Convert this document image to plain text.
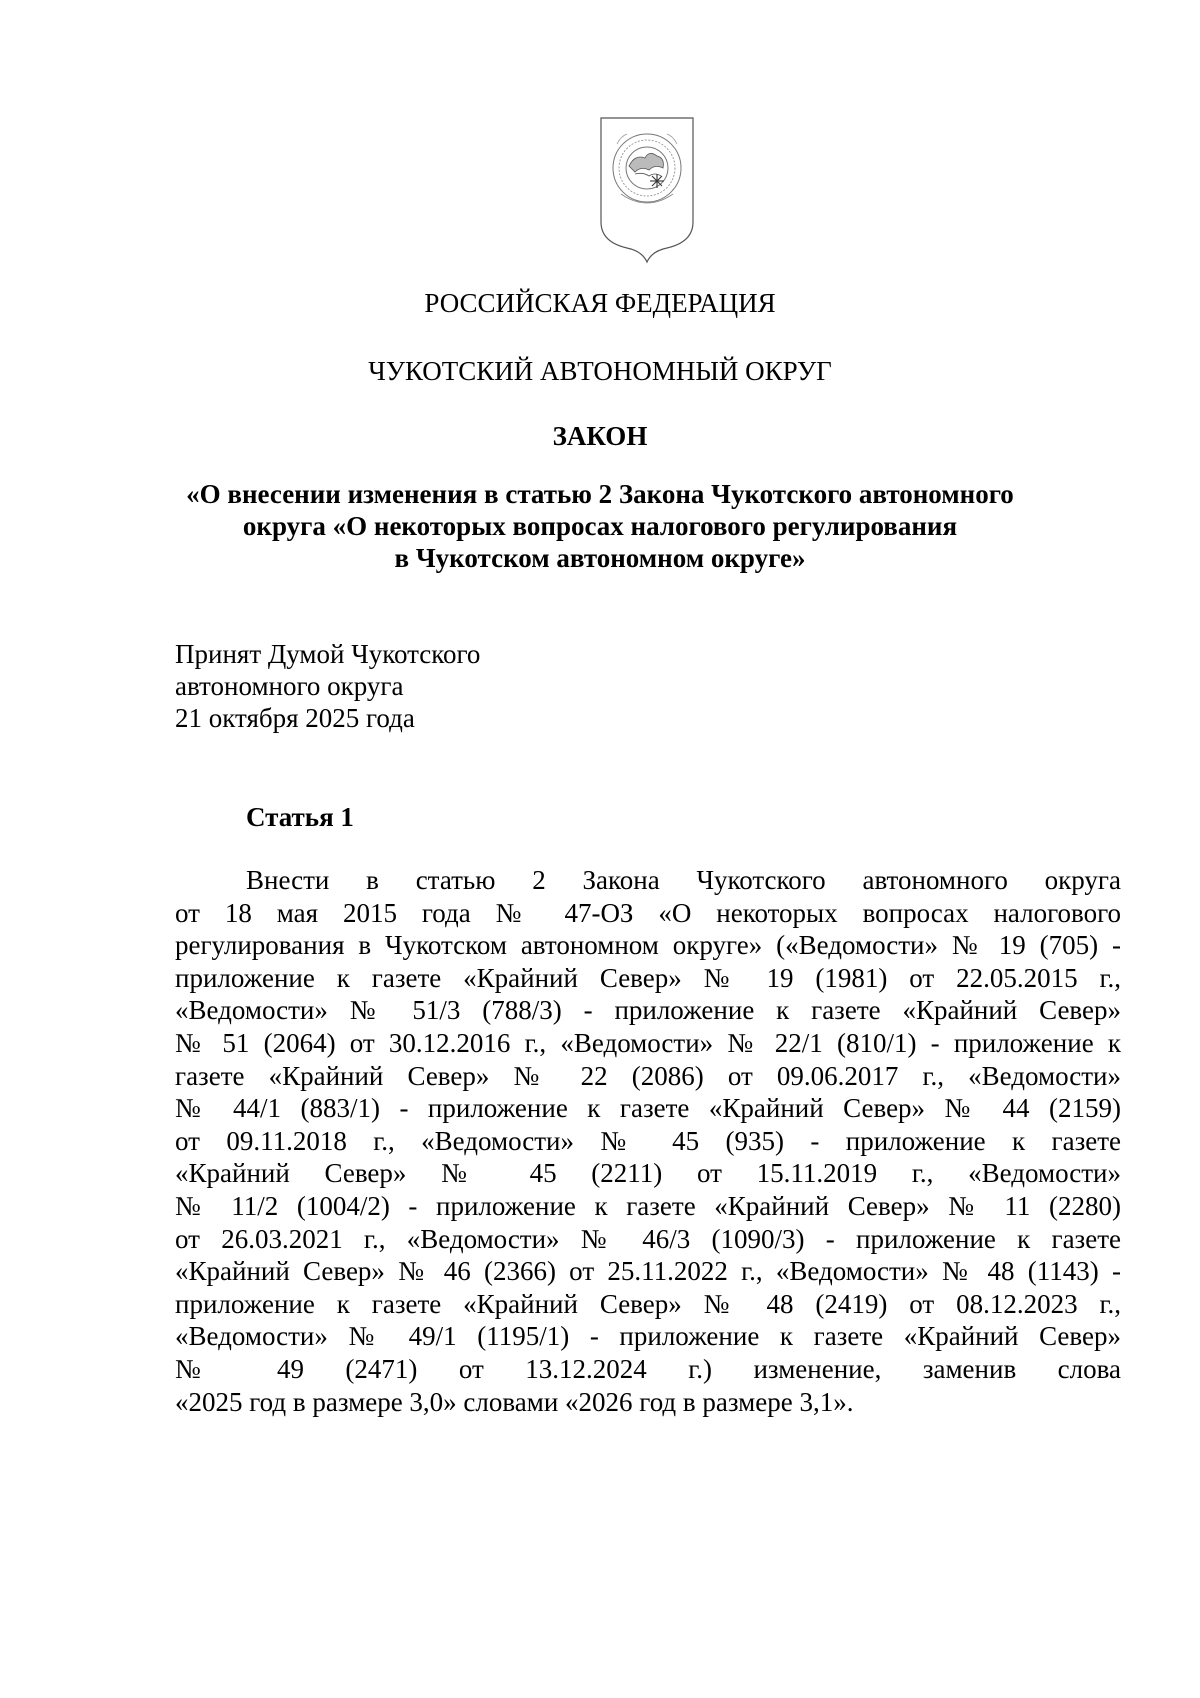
РОССИЙСКАЯ ФЕДЕРАЦИЯ
ЧУКОТСКИЙ АВТОНОМНЫЙ ОКРУГ
ЗАКОН
«О внесении изменения в статью 2 Закона Чукотского автономного
округа «О некоторых вопросах налогового регулирования
в Чукотском автономном округе»
Принят Думой Чукотского
автономного округа
21 октября 2025 года
Статья 1
Внести в статью 2 Закона Чукотского автономного округа
от 18 мая 2015 года № 47-ОЗ «О некоторых вопросах налогового
регулирования в Чукотском автономном округе» («Ведомости» № 19 (705) -
приложение к газете «Крайний Север» № 19 (1981) от 22.05.2015 г.,
«Ведомости» № 51/3 (788/3) - приложение к газете «Крайний Север»
№ 51 (2064) от 30.12.2016 г., «Ведомости» № 22/1 (810/1) - приложение к
газете «Крайний Север» № 22 (2086) от 09.06.2017 г., «Ведомости»
№ 44/1 (883/1) - приложение к газете «Крайний Север» № 44 (2159)
от 09.11.2018 г., «Ведомости» № 45 (935) - приложение к газете
«Крайний Север» № 45 (2211) от 15.11.2019 г., «Ведомости»
№ 11/2 (1004/2) - приложение к газете «Крайний Север» № 11 (2280)
от 26.03.2021 г., «Ведомости» № 46/3 (1090/3) - приложение к газете
«Крайний Север» № 46 (2366) от 25.11.2022 г., «Ведомости» № 48 (1143) -
приложение к газете «Крайний Север» № 48 (2419) от 08.12.2023 г.,
«Ведомости» № 49/1 (1195/1) - приложение к газете «Крайний Север»
№ 49 (2471) от 13.12.2024 г.) изменение, заменив слова
«2025 год в размере 3,0» словами «2026 год в размере 3,1».
